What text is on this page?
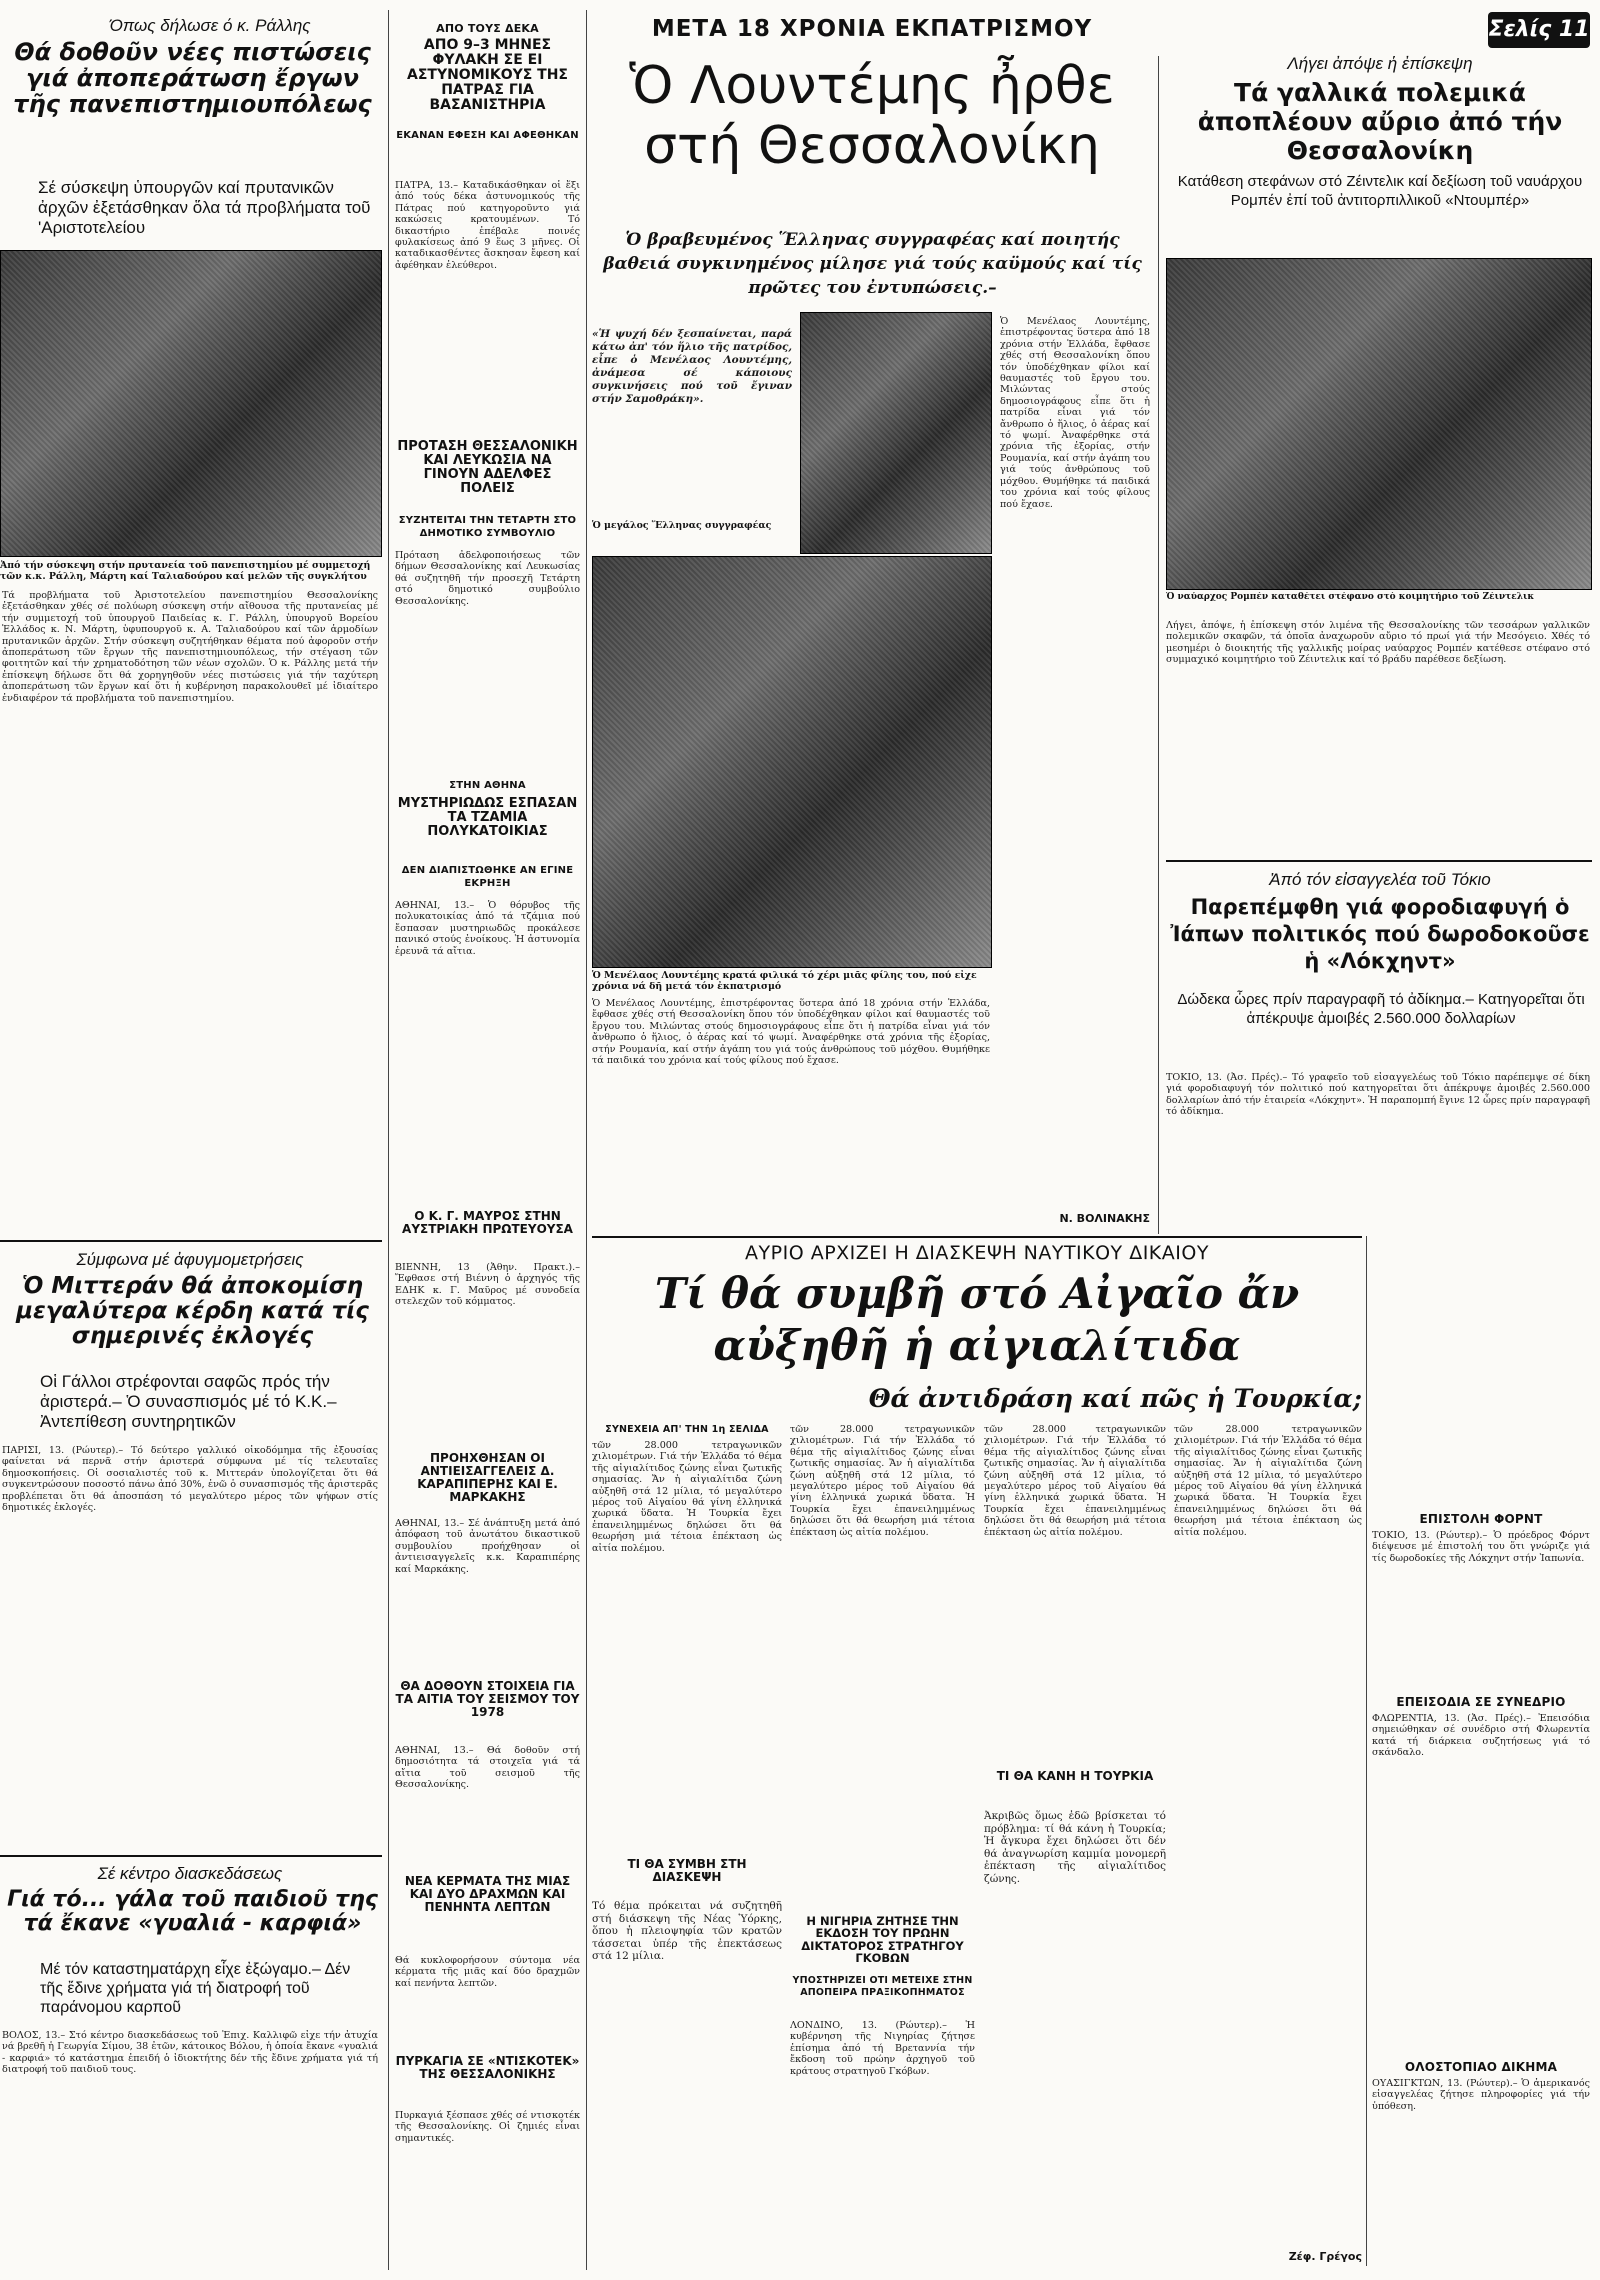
Σελίς 11
Όπως δήλωσε ό κ. Ράλλης
Θά δοθοῦν νέες πιστώσεις γιά ἀποπεράτωση ἔργων τῆς πανεπιστημιουπόλεως
Σέ σύσκεψη ὑπουργῶν καί πρυτανικῶν ἀρχῶν ἐξετάσθηκαν ὅλα τά προβλήματα τοῦ 'Αριστοτελείου
Ἀπό τήν σύσκεψη στήν πρυτανεία τοῦ πανεπιστημίου μέ συμμετοχή τῶν κ.κ. Ράλλη, Μάρτη καί Ταλιαδούρου καί μελῶν τῆς συγκλήτου
Τά προβλήματα τοῦ Ἀριστοτελείου πανεπιστημίου Θεσσαλονίκης ἐξετάσθηκαν χθές σέ πολύωρη σύσκεψη στήν αἴθουσα τῆς πρυτανείας μέ τήν συμμετοχή τοῦ ὑπουργοῦ Παιδείας κ. Γ. Ράλλη, ὑπουργοῦ Βορείου Ἑλλάδος κ. Ν. Μάρτη, ὑφυπουργοῦ κ. Α. Ταλιαδούρου καί τῶν ἁρμοδίων πρυτανικῶν ἀρχῶν. Στήν σύσκεψη συζητήθηκαν θέματα πού ἀφοροῦν στήν ἀποπεράτωση τῶν ἔργων τῆς πανεπιστημιουπόλεως, τήν στέγαση τῶν φοιτητῶν καί τήν χρηματοδότηση τῶν νέων σχολῶν. Ὁ κ. Ράλλης μετά τήν ἐπίσκεψη δήλωσε ὅτι θά χορηγηθοῦν νέες πιστώσεις γιά τήν ταχύτερη ἀποπεράτωση τῶν ἔργων καί ὅτι ἡ κυβέρνηση παρακολουθεῖ μέ ἰδιαίτερο ἐνδιαφέρον τά προβλήματα τοῦ πανεπιστημίου.
Σύμφωνα μέ ἀφυγμομετρήσεις
Ὁ Μιττεράν θά ἀποκομίση μεγαλύτερα κέρδη κατά τίς σημερινές ἐκλογές
Οἱ Γάλλοι στρέφονται σαφῶς πρός τήν ἀριστερά.– Ὁ συνασπισμός μέ τό Κ.Κ.– Ἀντεπίθεση συντηρητικῶν
ΠΑΡΙΣΙ, 13. (Ρώυτερ).– Τό δεύτερο γαλλικό οἰκοδόμημα τῆς ἐξουσίας φαίνεται νά περνᾶ στήν ἀριστερά σύμφωνα μέ τίς τελευταῖες δημοσκοπήσεις. Οἱ σοσιαλιστές τοῦ κ. Μιττεράν ὑπολογίζεται ὅτι θά συγκεντρώσουν ποσοστό πάνω ἀπό 30%, ἐνῶ ὁ συνασπισμός τῆς ἀριστερᾶς προβλέπεται ὅτι θά ἀποσπάση τό μεγαλύτερο μέρος τῶν ψήφων στίς δημοτικές ἐκλογές.
Σέ κέντρο διασκεδάσεως
Γιά τό... γάλα τοῦ παιδιοῦ της τά ἔκανε «γυαλιά - καρφιά»
Μέ τόν καταστηματάρχη εἶχε ἐξώγαμο.– Δέν τῆς ἔδινε χρήματα γιά τή διατροφή τοῦ παράνομου καρποῦ
ΒΟΛΟΣ, 13.– Στό κέντρο διασκεδάσεως τοῦ Ἐπιχ. Καλλιφῶ εἶχε τήν ἀτυχία νά βρεθῆ ἡ Γεωργία Σίμου, 38 ἐτῶν, κάτοικος Βόλου, ἡ ὁποία ἔκανε «γυαλιά - καρφιά» τό κατάστημα ἐπειδή ὁ ἰδιοκτήτης δέν τῆς ἔδινε χρήματα γιά τή διατροφή τοῦ παιδιοῦ τους.
ΑΠΟ ΤΟΥΣ ΔΕΚΑ
ΑΠΟ 9–3 ΜΗΝΕΣ ΦΥΛΑΚΗ ΣΕ ΕΙ ΑΣΤΥΝΟΜΙΚΟΥΣ ΤΗΣ ΠΑΤΡΑΣ ΓΙΑ ΒΑΣΑΝΙΣΤΗΡΙΑ
ΕΚΑΝΑΝ ΕΦΕΣΗ ΚΑΙ ΑΦΕΘΗΚΑΝ
ΠΑΤΡΑ, 13.– Καταδικάσθηκαν οἱ ἕξι ἀπό τούς δέκα ἀστυνομικούς τῆς Πάτρας πού κατηγοροῦντο γιά κακώσεις κρατουμένων. Τό δικαστήριο ἐπέβαλε ποινές φυλακίσεως ἀπό 9 ἕως 3 μῆνες. Οἱ καταδικασθέντες ἄσκησαν ἔφεση καί ἀφέθηκαν ἐλεύθεροι.
ΠΡΟΤΑΣΗ ΘΕΣΣΑΛΟΝΙΚΗ ΚΑΙ ΛΕΥΚΩΣΙΑ ΝΑ ΓΙΝΟΥΝ ΑΔΕΛΦΕΣ ΠΟΛΕΙΣ
ΣΥΖΗΤΕΙΤΑΙ ΤΗΝ ΤΕΤΑΡΤΗ ΣΤΟ ΔΗΜΟΤΙΚΟ ΣΥΜΒΟΥΛΙΟ
Πρόταση ἀδελφοποιήσεως τῶν δήμων Θεσσαλονίκης καί Λευκωσίας θά συζητηθῆ τήν προσεχῆ Τετάρτη στό δημοτικό συμβούλιο Θεσσαλονίκης.
ΣΤΗΝ ΑΘΗΝΑ
ΜΥΣΤΗΡΙΩΔΩΣ ΕΣΠΑΣΑΝ ΤΑ ΤΖΑΜΙΑ ΠΟΛΥΚΑΤΟΙΚΙΑΣ
ΔΕΝ ΔΙΑΠΙΣΤΩΘΗΚΕ ΑΝ ΕΓΙΝΕ ΕΚΡΗΞΗ
ΑΘΗΝΑΙ, 13.– Ὁ θόρυβος τῆς πολυκατοικίας ἀπό τά τζάμια πού ἔσπασαν μυστηριωδῶς προκάλεσε πανικό στούς ἐνοίκους. Ἡ ἀστυνομία ἐρευνᾶ τά αἴτια.
Ο Κ. Γ. ΜΑΥΡΟΣ ΣΤΗΝ ΑΥΣΤΡΙΑΚΗ ΠΡΩΤΕΥΟΥΣΑ
ΒΙΕΝΝΗ, 13 (Ἀθην. Πρακτ.).– Ἔφθασε στή Βιέννη ὁ ἀρχηγός τῆς ΕΔΗΚ κ. Γ. Μαῦρος μέ συνοδεία στελεχῶν τοῦ κόμματος.
ΠΡΟΗΧΘΗΣΑΝ ΟΙ ΑΝΤΙΕΙΣΑΓΓΕΛΕΙΣ Δ. ΚΑΡΑΠΙΠΕΡΗΣ ΚΑΙ Ε. ΜΑΡΚΑΚΗΣ
ΑΘΗΝΑΙ, 13.– Σέ ἀνάπτυξη μετά ἀπό ἀπόφαση τοῦ ἀνωτάτου δικαστικοῦ συμβουλίου προήχθησαν οἱ ἀντιεισαγγελεῖς κ.κ. Καραπιπέρης καί Μαρκάκης.
ΘΑ ΔΟΘΟΥΝ ΣΤΟΙΧΕΙΑ ΓΙΑ ΤΑ ΑΙΤΙΑ ΤΟΥ ΣΕΙΣΜΟΥ ΤΟΥ 1978
ΑΘΗΝΑΙ, 13.– Θά δοθοῦν στή δημοσιότητα τά στοιχεῖα γιά τά αἴτια τοῦ σεισμοῦ τῆς Θεσσαλονίκης.
ΝΕΑ ΚΕΡΜΑΤΑ ΤΗΣ ΜΙΑΣ ΚΑΙ ΔΥΟ ΔΡΑΧΜΩΝ ΚΑΙ ΠΕΝΗΝΤΑ ΛΕΠΤΩΝ
Θά κυκλοφορήσουν σύντομα νέα κέρματα τῆς μιᾶς καί δύο δραχμῶν καί πενήντα λεπτῶν.
ΠΥΡΚΑΓΙΑ ΣΕ «ΝΤΙΣΚΟΤΕΚ» ΤΗΣ ΘΕΣΣΑΛΟΝΙΚΗΣ
Πυρκαγιά ξέσπασε χθές σέ ντισκοτέκ τῆς Θεσσαλονίκης. Οἱ ζημιές εἶναι σημαντικές.
ΜΕΤΑ 18 ΧΡΟΝΙΑ ΕΚΠΑΤΡΙΣΜΟΥ
Ὁ Λουντέμης ἦρθε στή Θεσσαλονίκη
Ὁ βραβευμένος Ἕλληνας συγγραφέας καί ποιητής βαθειά συγκινημένος μίλησε γιά τούς καϋμούς καί τίς πρῶτες του ἐντυπώσεις.–
«Ἡ ψυχή δέν ξεσπαίνεται, παρά κάτω ἀπ' τόν ἥλιο τῆς πατρίδος, εἶπε ὁ Μενέλαος Λουντέμης, ἀνάμεσα σέ κάποιους συγκινήσεις πού τοῦ ἔγιναν στήν Σαμοθράκη».
Ὁ μεγάλος Ἕλληνας συγγραφέας
Ὁ Μενέλαος Λουντέμης, ἐπιστρέφοντας ὕστερα ἀπό 18 χρόνια στήν Ἑλλάδα, ἔφθασε χθές στή Θεσσαλονίκη ὅπου τόν ὑποδέχθηκαν φίλοι καί θαυμαστές τοῦ ἔργου του. Μιλώντας στούς δημοσιογράφους εἶπε ὅτι ἡ πατρίδα εἶναι γιά τόν ἄνθρωπο ὁ ἥλιος, ὁ ἀέρας καί τό ψωμί. Ἀναφέρθηκε στά χρόνια τῆς ἐξορίας, στήν Ρουμανία, καί στήν ἀγάπη του γιά τούς ἀνθρώπους τοῦ μόχθου. Θυμήθηκε τά παιδικά του χρόνια καί τούς φίλους πού ἔχασε.
Ὁ Μενέλαος Λουντέμης κρατά φιλικά τό χέρι μιᾶς φίλης του, πού εἶχε χρόνια νά δῆ μετά τόν ἐκπατρισμό
Ὁ Μενέλαος Λουντέμης, ἐπιστρέφοντας ὕστερα ἀπό 18 χρόνια στήν Ἑλλάδα, ἔφθασε χθές στή Θεσσαλονίκη ὅπου τόν ὑποδέχθηκαν φίλοι καί θαυμαστές τοῦ ἔργου του. Μιλώντας στούς δημοσιογράφους εἶπε ὅτι ἡ πατρίδα εἶναι γιά τόν ἄνθρωπο ὁ ἥλιος, ὁ ἀέρας καί τό ψωμί. Ἀναφέρθηκε στά χρόνια τῆς ἐξορίας, στήν Ρουμανία, καί στήν ἀγάπη του γιά τούς ἀνθρώπους τοῦ μόχθου. Θυμήθηκε τά παιδικά του χρόνια καί τούς φίλους πού ἔχασε.
Ν. ΒΟΛΙΝΑΚΗΣ
Λήγει ἀπόψε ἡ ἐπίσκεψη
Τά γαλλικά πολεμικά ἀποπλέουν αὔριο ἀπό τήν Θεσσαλονίκη
Κατάθεση στεφάνων στό Ζέιντελικ καί δεξίωση τοῦ ναυάρχου Ρομπέν ἐπί τοῦ ἀντιτορπιλλικοῦ «Ντουμπέρ»
Ὁ ναύαρχος Ρομπέν καταθέτει στέφανο στό κοιμητήριο τοῦ Ζέιντελικ
Λήγει, ἀπόψε, ἡ ἐπίσκεψη στόν λιμένα τῆς Θεσσαλονίκης τῶν τεσσάρων γαλλικῶν πολεμικῶν σκαφῶν, τά ὁποῖα ἀναχωροῦν αὔριο τό πρωί γιά τήν Μεσόγειο. Χθές τό μεσημέρι ὁ διοικητής τῆς γαλλικῆς μοίρας ναύαρχος Ρομπέν κατέθεσε στέφανο στό συμμαχικό κοιμητήριο τοῦ Ζέιντελικ καί τό βράδυ παρέθεσε δεξίωση.
Ἀπό τόν εἰσαγγελέα τοῦ Τόκιο
Παρεπέμφθη γιά φοροδιαφυγή ὁ Ἰάπων πολιτικός πού δωροδοκοῦσε ἡ «Λόκχηντ»
Δώδεκα ὧρες πρίν παραγραφῆ τό ἀδίκημα.– Κατηγορεῖται ὅτι ἀπέκρυψε ἀμοιβές 2.560.000 δολλαρίων
ΤΟΚΙΟ, 13. (Ἀσ. Πρές).– Τό γραφεῖο τοῦ εἰσαγγελέως τοῦ Τόκιο παρέπεμψε σέ δίκη γιά φοροδιαφυγή τόν πολιτικό πού κατηγορεῖται ὅτι ἀπέκρυψε ἀμοιβές 2.560.000 δολλαρίων ἀπό τήν ἑταιρεία «Λόκχηντ». Ἡ παραπομπή ἔγινε 12 ὧρες πρίν παραγραφῆ τό ἀδίκημα.
ΕΠΙΣΤΟΛΗ ΦΟΡΝΤ
ΤΟΚΙΟ, 13. (Ρώυτερ).– Ὁ πρόεδρος Φόρντ διέψευσε μέ ἐπιστολή του ὅτι γνώριζε γιά τίς δωροδοκίες τῆς Λόκχηντ στήν Ἰαπωνία.
ΕΠΕΙΣΟΔΙΑ ΣΕ ΣΥΝΕΔΡΙΟ
ΦΛΩΡΕΝΤΙΑ, 13. (Ἀσ. Πρές).– Ἐπεισόδια σημειώθηκαν σέ συνέδριο στή Φλωρεντία κατά τή διάρκεια συζητήσεως γιά τό σκάνδαλο.
ΟΛΟΣΤΟΠΙΑΟ ΔΙΚΗΜΑ
ΟΥΑΣΙΓΚΤΩΝ, 13. (Ρώυτερ).– Ὁ ἀμερικανός εἰσαγγελέας ζήτησε πληροφορίες γιά τήν ὑπόθεση.
ΑΥΡΙΟ ΑΡΧΙΖΕΙ Η ΔΙΑΣΚΕΨΗ ΝΑΥΤΙΚΟΥ ΔΙΚΑΙΟΥ
Τί θά συμβῆ στό Αἰγαῖο ἄν αὐξηθῆ ἡ αἰγιαλίτιδα
Θά ἀντιδράση καί πῶς ἡ Τουρκία;
ΣΥΝΕΧΕΙΑ ΑΠ' ΤΗΝ 1η ΣΕΛΙΔΑ
τῶν 28.000 τετραγωνικῶν χιλιομέτρων. Γιά τήν Ἑλλάδα τό θέμα τῆς αἰγιαλίτιδος ζώνης εἶναι ζωτικῆς σημασίας. Ἄν ἡ αἰγιαλίτιδα ζώνη αὐξηθῆ στά 12 μίλια, τό μεγαλύτερο μέρος τοῦ Αἰγαίου θά γίνη ἑλληνικά χωρικά ὕδατα. Ἡ Τουρκία ἔχει ἐπανειλημμένως δηλώσει ὅτι θά θεωρήση μιά τέτοια ἐπέκταση ὡς αἰτία πολέμου.
ΤΙ ΘΑ ΣΥΜΒΗ ΣΤΗ ΔΙΑΣΚΕΨΗ
Τό θέμα πρόκειται νά συζητηθῆ στή διάσκεψη τῆς Νέας Ὑόρκης, ὅπου ἡ πλειοψηφία τῶν κρατῶν τάσσεται ὑπέρ τῆς ἐπεκτάσεως στά 12 μίλια.
τῶν 28.000 τετραγωνικῶν χιλιομέτρων. Γιά τήν Ἑλλάδα τό θέμα τῆς αἰγιαλίτιδος ζώνης εἶναι ζωτικῆς σημασίας. Ἄν ἡ αἰγιαλίτιδα ζώνη αὐξηθῆ στά 12 μίλια, τό μεγαλύτερο μέρος τοῦ Αἰγαίου θά γίνη ἑλληνικά χωρικά ὕδατα. Ἡ Τουρκία ἔχει ἐπανειλημμένως δηλώσει ὅτι θά θεωρήση μιά τέτοια ἐπέκταση ὡς αἰτία πολέμου.
Η ΝΙΓΗΡΙΑ ΖΗΤΗΣΕ ΤΗΝ ΕΚΔΟΣΗ ΤΟΥ ΠΡΩΗΝ ΔΙΚΤΑΤΟΡΟΣ ΣΤΡΑΤΗΓΟΥ ΓΚΟΒΩΝ
ΥΠΟΣΤΗΡΙΖΕΙ ΟΤΙ ΜΕΤΕΙΧΕ ΣΤΗΝ ΑΠΟΠΕΙΡΑ ΠΡΑΞΙΚΟΠΗΜΑΤΟΣ
ΛΟΝΔΙΝΟ, 13. (Ρώυτερ).– Ἡ κυβέρνηση τῆς Νιγηρίας ζήτησε ἐπίσημα ἀπό τή Βρεταννία τήν ἔκδοση τοῦ πρώην ἀρχηγοῦ τοῦ κράτους στρατηγοῦ Γκόβων.
τῶν 28.000 τετραγωνικῶν χιλιομέτρων. Γιά τήν Ἑλλάδα τό θέμα τῆς αἰγιαλίτιδος ζώνης εἶναι ζωτικῆς σημασίας. Ἄν ἡ αἰγιαλίτιδα ζώνη αὐξηθῆ στά 12 μίλια, τό μεγαλύτερο μέρος τοῦ Αἰγαίου θά γίνη ἑλληνικά χωρικά ὕδατα. Ἡ Τουρκία ἔχει ἐπανειλημμένως δηλώσει ὅτι θά θεωρήση μιά τέτοια ἐπέκταση ὡς αἰτία πολέμου.
ΤΙ ΘΑ ΚΑΝΗ Η ΤΟΥΡΚΙΑ
Ἀκριβῶς ὅμως ἐδῶ βρίσκεται τό πρόβλημα: τί θά κάνη ἡ Τουρκία; Ἡ ἄγκυρα ἔχει δηλώσει ὅτι δέν θά ἀναγνωρίση καμμία μονομερῆ ἐπέκταση τῆς αἰγιαλίτιδος ζώνης.
τῶν 28.000 τετραγωνικῶν χιλιομέτρων. Γιά τήν Ἑλλάδα τό θέμα τῆς αἰγιαλίτιδος ζώνης εἶναι ζωτικῆς σημασίας. Ἄν ἡ αἰγιαλίτιδα ζώνη αὐξηθῆ στά 12 μίλια, τό μεγαλύτερο μέρος τοῦ Αἰγαίου θά γίνη ἑλληνικά χωρικά ὕδατα. Ἡ Τουρκία ἔχει ἐπανειλημμένως δηλώσει ὅτι θά θεωρήση μιά τέτοια ἐπέκταση ὡς αἰτία πολέμου.
Ζέφ. Γρέγος
